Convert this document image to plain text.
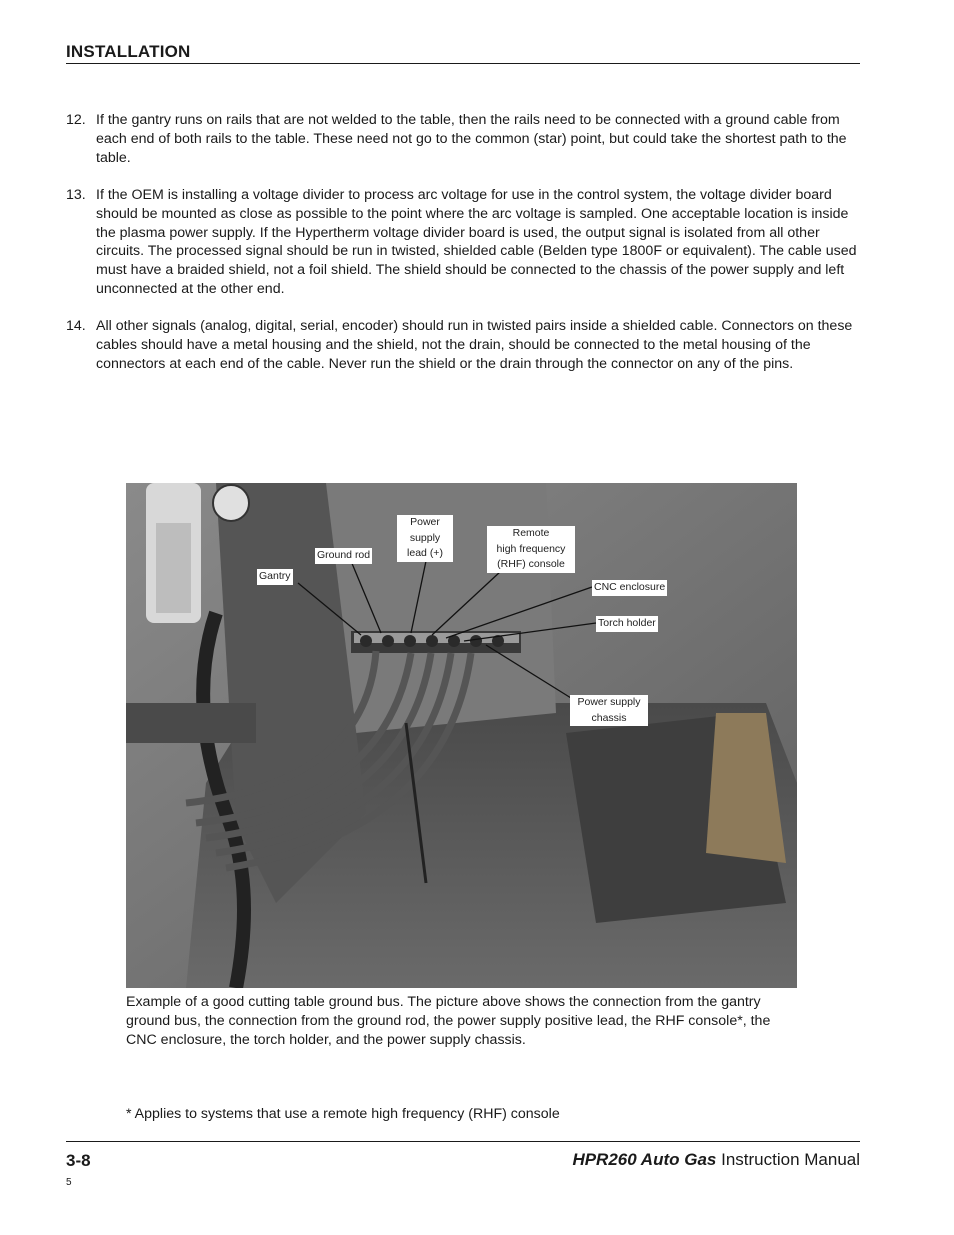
INSTALLATION
12. If the gantry runs on rails that are not welded to the table, then the rails need to be connected with a ground cable from each end of both rails to the table. These need not go to the common (star) point, but could take the shortest path to the table.
13. If the OEM is installing a voltage divider to process arc voltage for use in the control system, the voltage divider board should be mounted as close as possible to the point where the arc voltage is sampled. One acceptable location is inside the plasma power supply. If the Hypertherm voltage divider board is used, the output signal is isolated from all other circuits. The processed signal should be run in twisted, shielded cable (Belden type 1800F or equivalent). The cable used must have a braided shield, not a foil shield. The shield should be connected to the chassis of the power supply and left unconnected at the other end.
14. All other signals (analog, digital, serial, encoder) should run in twisted pairs inside a shielded cable. Connectors on these cables should have a metal housing and the shield, not the drain, should be connected to the metal housing of the connectors at each end of the cable. Never run the shield or the drain through the connector on any of the pins.
Gantry
Ground rod
Power
supply
lead (+)
Remote
high frequency
(RHF) console
CNC enclosure
Torch holder
Power supply
chassis
Example of a good cutting table ground bus. The picture above shows the connection from the gantry ground bus, the connection from the ground rod, the power supply positive lead, the RHF console*, the CNC enclosure, the torch holder, and the power supply chassis.
* Applies to systems that use a remote high frequency (RHF) console
3-8	HPR260 Auto Gas Instruction Manual
5
